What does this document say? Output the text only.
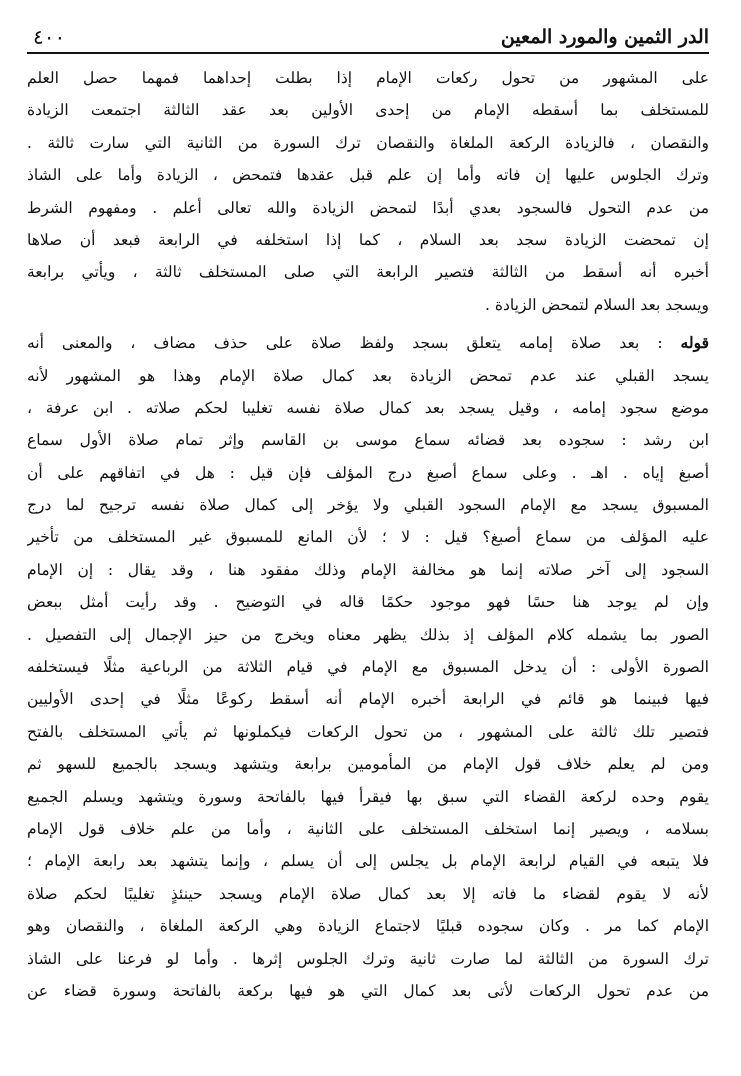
الدر الثمين والمورد المعين
٤٠٠
على المشهور من تحول ركعات الإمام إذا بطلت إحداهما فمهما حصل العلم
للمستخلف بما أسقطه الإمام من إحدى الأولين بعد عقد الثالثة اجتمعت الزيادة
والنقصان ، فالزيادة الركعة الملغاة والنقصان ترك السورة من الثانية التي سارت ثالثة .
وترك الجلوس عليها إن فاته وأما إن علم قبل عقدها فتمحض ، الزيادة وأما على الشاذ
من عدم التحول فالسجود بعدي أبدًا لتمحض الزيادة والله تعالى أعلم . ومفهوم الشرط
إن تمحضت الزيادة سجد بعد السلام ، كما إذا استخلفه في الرابعة فبعد أن صلاها
أخبره أنه أسقط من الثالثة فتصير الرابعة التي صلى المستخلف ثالثة ، ويأتي برابعة
ويسجد بعد السلام لتمحض الزيادة .
قوله : بعد صلاة إمامه يتعلق بسجد ولفظ صلاة على حذف مضاف ، والمعنى أنه
يسجد القبلي عند عدم تمحض الزيادة بعد كمال صلاة الإمام وهذا هو المشهور لأنه
موضع سجود إمامه ، وقيل يسجد بعد كمال صلاة نفسه تغليبا لحكم صلاته . ابن عرفة ،
ابن رشد : سجوده بعد قضائه سماع موسى بن القاسم وإثر تمام صلاة الأول سماع
أصبغ إياه . اهـ . وعلى سماع أصبغ درج المؤلف فإن قيل : هل في اتفاقهم على أن
المسبوق يسجد مع الإمام السجود القبلي ولا يؤخر إلى كمال صلاة نفسه ترجيح لما درج
عليه المؤلف من سماع أصبغ؟ قيل : لا ؛ لأن المانع للمسبوق غير المستخلف من تأخير
السجود إلى آخر صلاته إنما هو مخالفة الإمام وذلك مفقود هنا ، وقد يقال : إن الإمام
وإن لم يوجد هنا حسًا فهو موجود حكمًا قاله في التوضيح . وقد رأيت أمثل ببعض
الصور بما يشمله كلام المؤلف إذ بذلك يظهر معناه ويخرج من حيز الإجمال إلى التفصيل .
الصورة الأولى : أن يدخل المسبوق مع الإمام في قيام الثلاثة من الرباعية مثلًا فيستخلفه
فيها فبينما هو قائم في الرابعة أخبره الإمام أنه أسقط ركوعًا مثلًا في إحدى الأوليين
فتصير تلك ثالثة على المشهور ، من تحول الركعات فيكملونها ثم يأتي المستخلف بالفتح
ومن لم يعلم خلاف قول الإمام من المأمومين برابعة ويتشهد ويسجد بالجميع للسهو ثم
يقوم وحده لركعة القضاء التي سبق بها فيقرأ فيها بالفاتحة وسورة ويتشهد ويسلم الجميع
بسلامه ، ويصير إنما استخلف المستخلف على الثانية ، وأما من علم خلاف قول الإمام
فلا يتبعه في القيام لرابعة الإمام بل يجلس إلى أن يسلم ، وإنما يتشهد بعد رابعة الإمام ؛
لأنه لا يقوم لقضاء ما فاته إلا بعد كمال صلاة الإمام ويسجد حينئذٍ تغليبًا لحكم صلاة
الإمام كما مر . وكان سجوده قبليًا لاجتماع الزيادة وهي الركعة الملغاة ، والنقصان وهو
ترك السورة من الثالثة لما صارت ثانية وترك الجلوس إثرها . وأما لو فرعنا على الشاذ
من عدم تحول الركعات لأتى بعد كمال التي هو فيها بركعة بالفاتحة وسورة قضاء عن
